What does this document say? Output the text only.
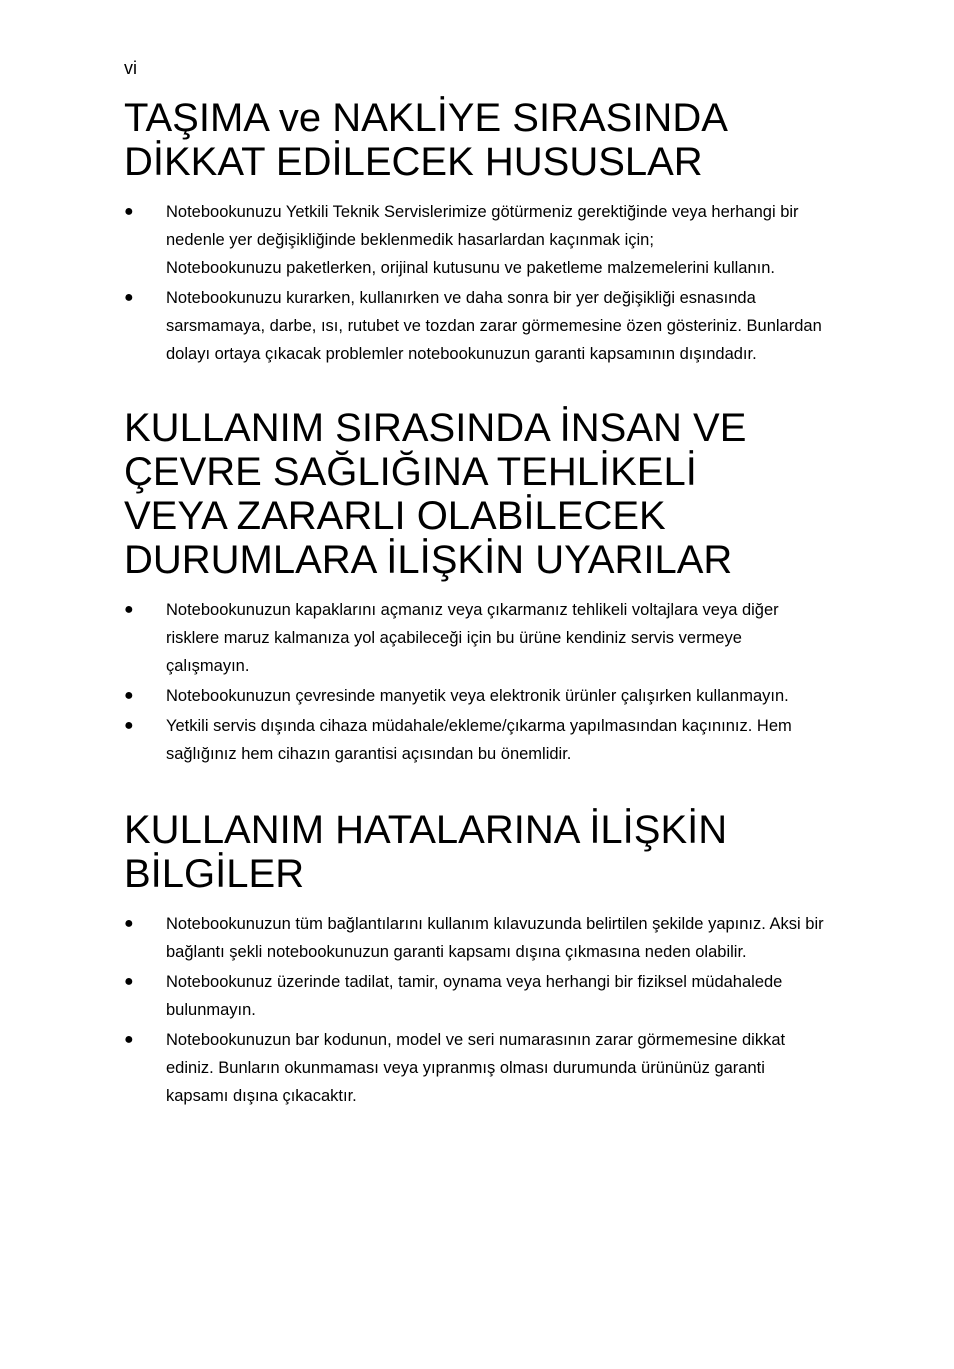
vi
TAŞIMA ve NAKLİYE SIRASINDA
DİKKAT EDİLECEK HUSUSLAR
● Notebookunuzu Yetkili Teknik Servislerimize götürmeniz gerektiğinde veya herhangi bir nedenle yer değişikliğinde beklenmedik hasarlardan kaçınmak için;

Notebookunuzu paketlerken, orijinal kutusunu ve paketleme malzemelerini kullanın.

● Notebookunuzu kurarken, kullanırken ve daha sonra bir yer değişikliği esnasında sarsmamaya, darbe, ısı, rutubet ve tozdan zarar görmemesine özen gösteriniz. Bunlardan dolayı ortaya çıkacak problemler notebookunuzun garanti kapsamının dışındadır.

KULLANIM SIRASINDA İNSAN VE
ÇEVRE SAĞLIĞINA TEHLİKELİ
VEYA ZARARLI OLABİLECEK
DURUMLARA İLİŞKİN UYARILAR
● Notebookunuzun kapaklarını açmanız veya çıkarmanız tehlikeli voltajlara veya diğer risklere maruz kalmanıza yol açabileceği için bu ürüne kendiniz servis vermeye çalışmayın.

● Notebookunuzun çevresinde manyetik veya elektronik ürünler çalışırken kullanmayın.

● Yetkili servis dışında cihaza müdahale/ekleme/çıkarma yapılmasından kaçınınız. Hem sağlığınız hem cihazın garantisi açısından bu önemlidir.

KULLANIM HATALARINA İLİŞKİN
BİLGİLER
● Notebookunuzun tüm bağlantılarını kullanım kılavuzunda belirtilen şekilde yapınız. Aksi bir bağlantı şekli notebookunuzun garanti kapsamı dışına çıkmasına neden olabilir.

● Notebookunuz üzerinde tadilat, tamir, oynama veya herhangi bir fiziksel müdahalede bulunmayın.

● Notebookunuzun bar kodunun, model ve seri numarasının zarar görmemesine dikkat ediniz. Bunların okunmaması veya yıpranmış olması durumunda ürününüz garanti kapsamı dışına çıkacaktır.
